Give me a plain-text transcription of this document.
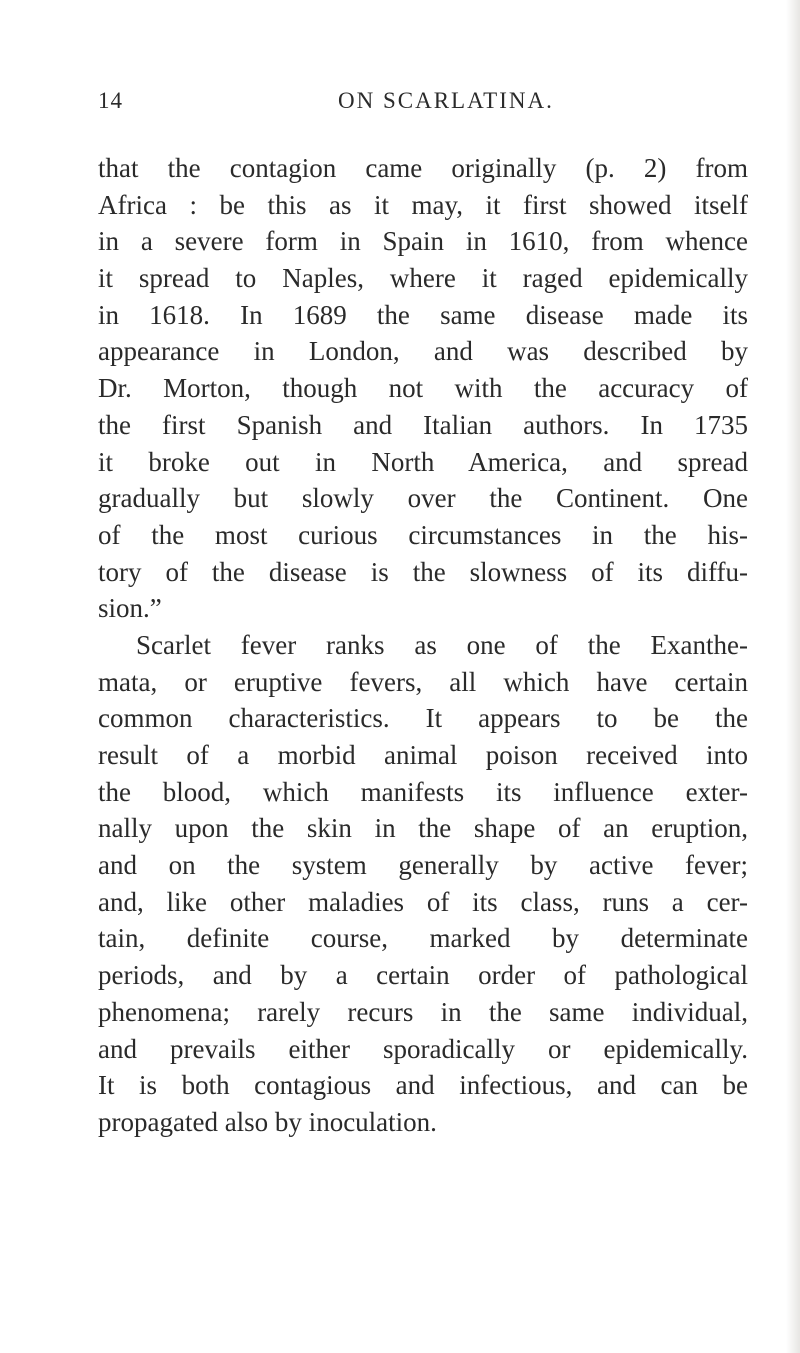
14	ON SCARLATINA.
that the contagion came originally (p. 2) from
Africa : be this as it may, it first showed itself
in a severe form in Spain in 1610, from whence
it spread to Naples, where it raged epidemically
in 1618. In 1689 the same disease made its
appearance in London, and was described by
Dr. Morton, though not with the accuracy of
the first Spanish and Italian authors. In 1735
it broke out in North America, and spread
gradually but slowly over the Continent. One
of the most curious circumstances in the his-
tory of the disease is the slowness of its diffu-
sion.”
Scarlet fever ranks as one of the Exanthe-
mata, or eruptive fevers, all which have certain
common characteristics. It appears to be the
result of a morbid animal poison received into
the blood, which manifests its influence exter-
nally upon the skin in the shape of an eruption,
and on the system generally by active fever;
and, like other maladies of its class, runs a cer-
tain, definite course, marked by determinate
periods, and by a certain order of pathological
phenomena; rarely recurs in the same individual,
and prevails either sporadically or epidemically.
It is both contagious and infectious, and can be
propagated also by inoculation.
